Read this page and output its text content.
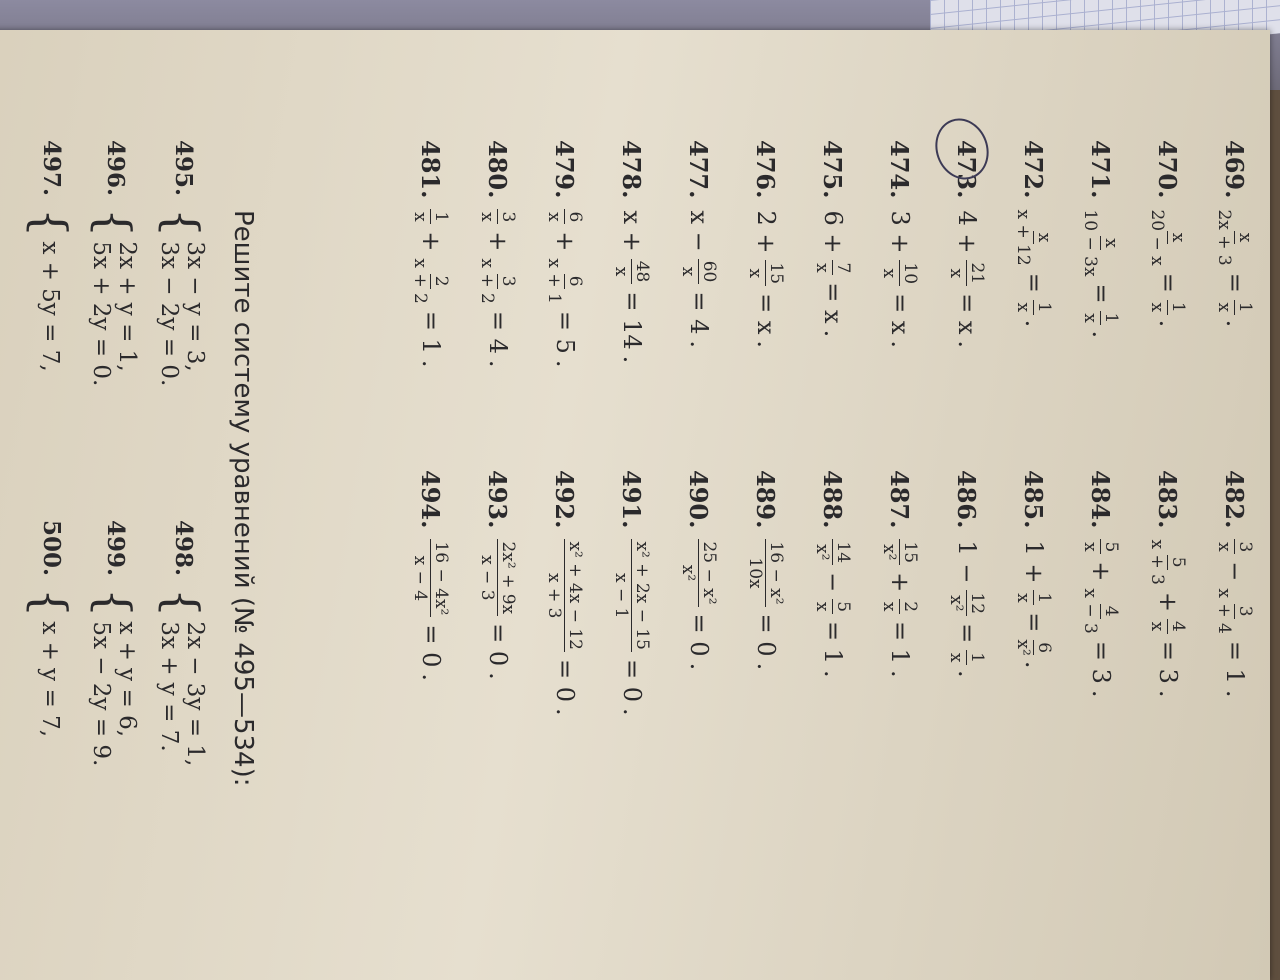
469.
x
2x + 3
=
1
x
.
470.
x
20 − x
=
1
x
.
471.
x
10 − 3x
=
1
x
.
472.
x
x + 12
=
1
x
.
473.
4 +
21
x
= x
.
474.
3 +
10
x
= x
.
475.
6 +
7
x
= x
.
476.
2 +
15
x
= x
.
477.
x −
60
x
= 4
.
478.
x +
48
x
= 14
.
479.
6
x
+
6
x + 1
= 5
.
480.
3
x
+
3
x + 2
= 4
.
481.
1
x
+
2
x + 2
= 1
.
482.
3
x
−
3
x + 4
= 1
.
483.
5
x + 3
+
4
x
= 3
.
484.
5
x
+
4
x − 3
= 3
.
485.
1 +
1
x
=
6
x²
.
486.
1 −
12
x²
=
1
x
.
487.
15
x²
+
2
x
= 1
.
488.
14
x²
−
5
x
= 1
.
489.
16 − x²
10x
= 0
.
490.
25 − x²
x²
= 0
.
491.
x² + 2x − 15
x − 1
= 0
.
492.
x² + 4x − 12
x + 3
= 0
.
493.
2x² + 9x
x − 3
= 0
.
494.
16 − 4x²
x − 4
= 0
.
Решите систему уравнений (№ 495—534):
495.{
3x − y = 3,
3x − 2y = 0.
496.{
2x + y = 1,
5x + 2y = 0.
497.{
x + 5y = 7,
498.{
2x − 3y = 1,
3x + y = 7.
499.{
x + y = 6,
5x − 2y = 9.
500.{
x + y = 7,
